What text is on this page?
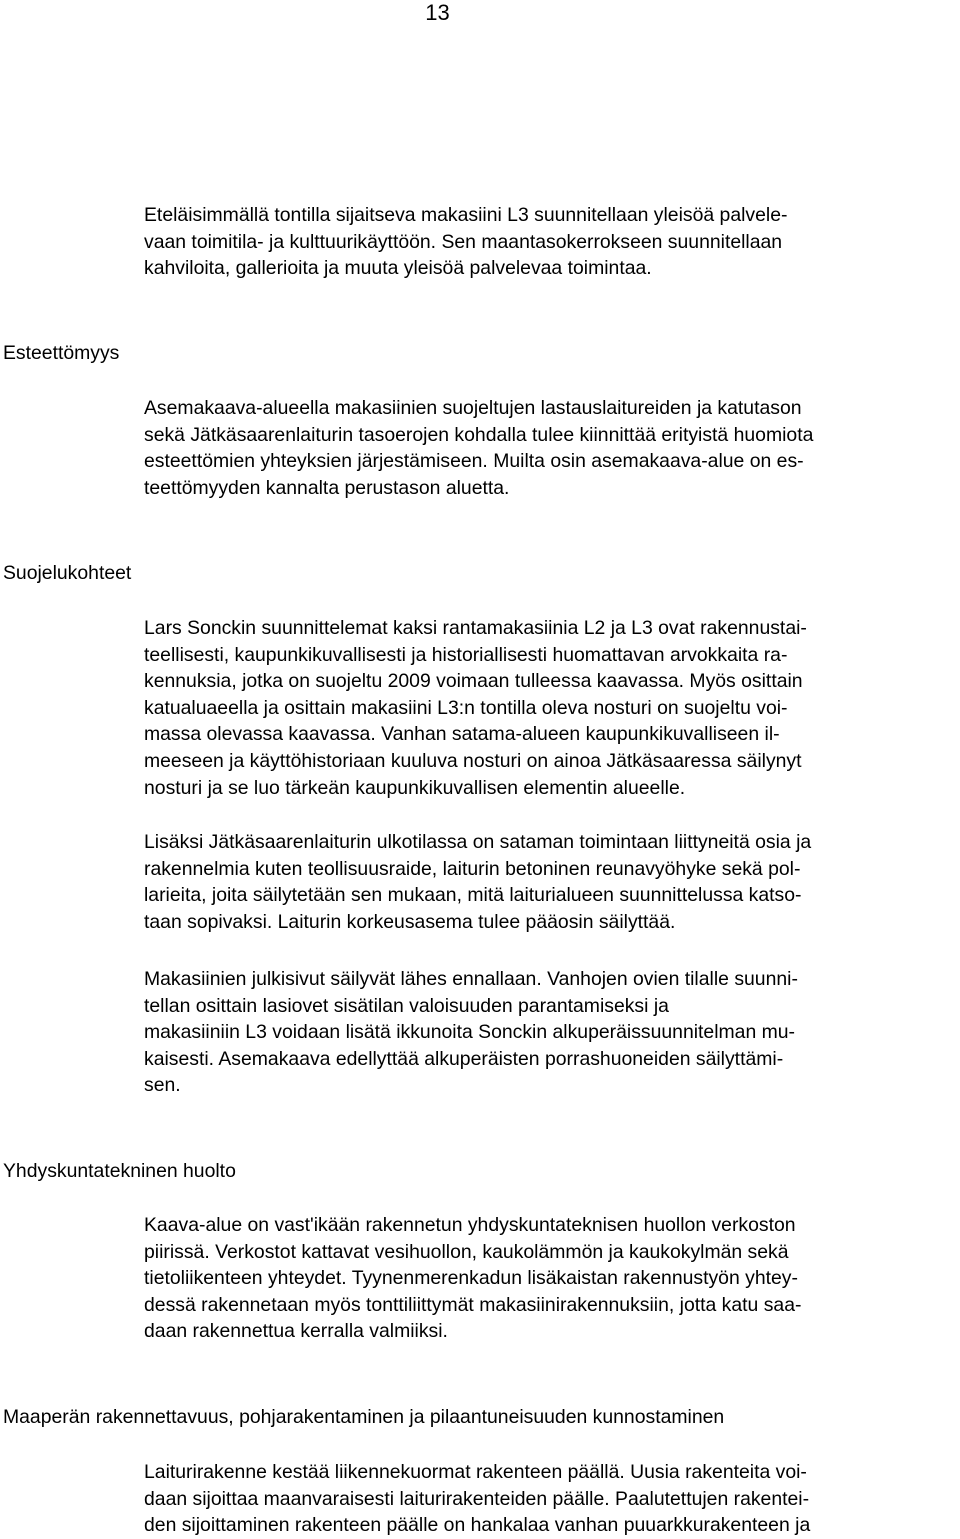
13

Eteläisimmällä tontilla sijaitseva makasiini L3 suunnitellaan yleisöä palvele-
vaan toimitila- ja kulttuurikäyttöön. Sen maantasokerrokseen suunnitellaan
kahviloita, gallerioita ja muuta yleisöä palvelevaa toimintaa.

Esteettömyys

Asemakaava-alueella makasiinien suojeltujen lastauslaitureiden ja katutason
sekä Jätkäsaarenlaiturin tasoerojen kohdalla tulee kiinnittää erityistä huomiota
esteettömien yhteyksien järjestämiseen. Muilta osin asemakaava-alue on es-
teettömyyden kannalta perustason aluetta.

Suojelukohteet

Lars Sonckin suunnittelemat kaksi rantamakasiinia L2 ja L3 ovat rakennustai-
teellisesti, kaupunkikuvallisesti ja historiallisesti huomattavan arvokkaita ra-
kennuksia, jotka on suojeltu 2009 voimaan tulleessa kaavassa. Myös osittain
katualuaeella ja osittain makasiini L3:n tontilla oleva nosturi on suojeltu voi-
massa olevassa kaavassa. Vanhan satama-alueen kaupunkikuvalliseen il-
meeseen ja käyttöhistoriaan kuuluva nosturi on ainoa Jätkäsaaressa säilynyt
nosturi ja se luo tärkeän kaupunkikuvallisen elementin alueelle.

Lisäksi Jätkäsaarenlaiturin ulkotilassa on sataman toimintaan liittyneitä osia ja
rakennelmia kuten teollisuusraide, laiturin betoninen reunavyöhyke sekä pol-
larieita, joita säilytetään sen mukaan, mitä laiturialueen suunnittelussa katso-
taan sopivaksi. Laiturin korkeusasema tulee pääosin säilyttää.

Makasiinien julkisivut säilyvät lähes ennallaan. Vanhojen ovien tilalle suunni-
tellan osittain lasiovet sisätilan valoisuuden parantamiseksi ja
makasiiniin L3 voidaan lisätä ikkunoita Sonckin alkuperäissuunnitelman mu-
kaisesti. Asemakaava edellyttää alkuperäisten porrashuoneiden säilyttämi-
sen.

Yhdyskuntatekninen huolto

Kaava-alue on vast'ikään rakennetun yhdyskuntateknisen huollon verkoston
piirissä. Verkostot kattavat vesihuollon, kaukolämmön ja kaukokylmän sekä
tietoliikenteen yhteydet. Tyynenmerenkadun lisäkaistan rakennustyön yhtey-
dessä rakennetaan myös tonttiliittymät makasiinirakennuksiin, jotta katu saa-
daan rakennettua kerralla valmiiksi.

Maaperän rakennettavuus, pohjarakentaminen ja pilaantuneisuuden kunnostaminen

Laiturirakenne kestää liikennekuormat rakenteen päällä. Uusia rakenteita voi-
daan sijoittaa maanvaraisesti laiturirakenteiden päälle. Paalutettujen rakentei-
den sijoittaminen rakenteen päälle on hankalaa vanhan puuarkkurakenteen ja
